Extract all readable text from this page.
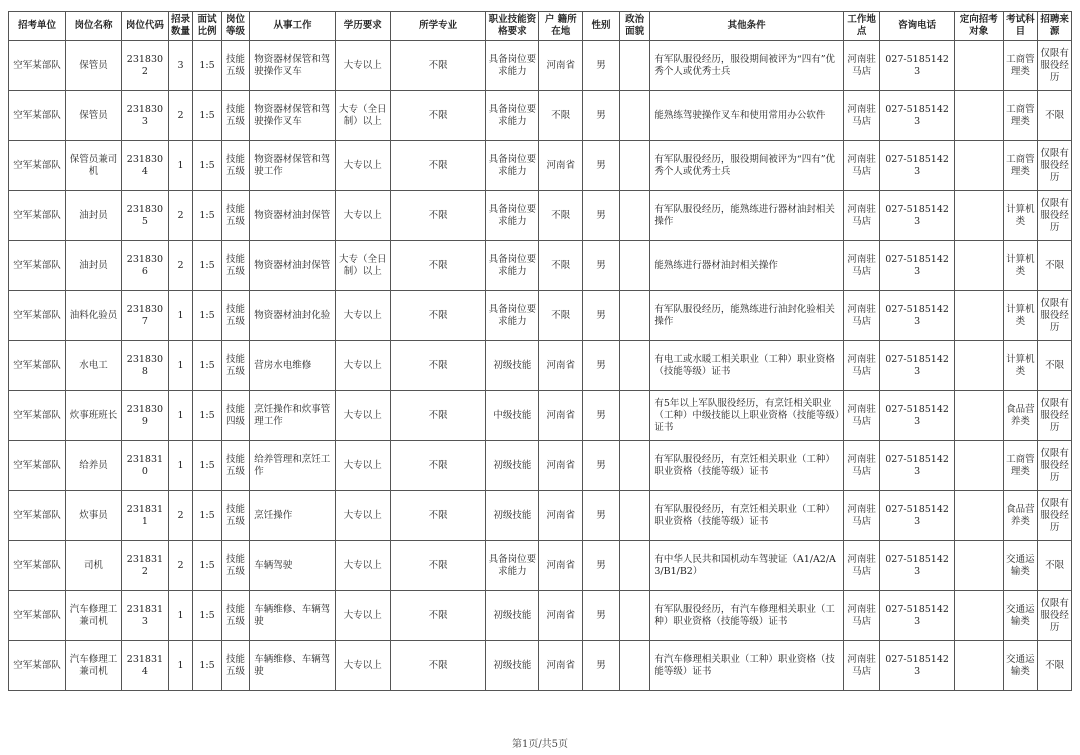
招考单位	岗位名称	岗位代码	招录数量	面试比例	岗位等级	从事工作	学历要求	所学专业	职业技能资格要求	户 籍所在地	性别	政治面貌	其他条件	工作地点	咨询电话	定向招考对象	考试科目	招聘来源
空军某部队	保管员	2318302	3	1:5	技能五级	物资器材保管和驾驶操作叉车	大专以上	不限	具备岗位要求能力	河南省	男		有军队服役经历，服役期间被评为“四有”优秀个人或优秀士兵	河南驻马店	027-51851423		工商管理类	仅限有服役经历
空军某部队	保管员	2318303	2	1:5	技能五级	物资器材保管和驾驶操作叉车	大专（全日制）以上	不限	具备岗位要求能力	不限	男		能熟练驾驶操作叉车和使用常用办公软件	河南驻马店	027-51851423		工商管理类	不限
空军某部队	保管员兼司机	2318304	1	1:5	技能五级	物资器材保管和驾驶工作	大专以上	不限	具备岗位要求能力	河南省	男		有军队服役经历，服役期间被评为“四有”优秀个人或优秀士兵	河南驻马店	027-51851423		工商管理类	仅限有服役经历
空军某部队	油封员	2318305	2	1:5	技能五级	物资器材油封保管	大专以上	不限	具备岗位要求能力	不限	男		有军队服役经历，能熟练进行器材油封相关操作	河南驻马店	027-51851423		计算机类	仅限有服役经历
空军某部队	油封员	2318306	2	1:5	技能五级	物资器材油封保管	大专（全日制）以上	不限	具备岗位要求能力	不限	男		能熟练进行器材油封相关操作	河南驻马店	027-51851423		计算机类	不限
空军某部队	油料化验员	2318307	1	1:5	技能五级	物资器材油封化验	大专以上	不限	具备岗位要求能力	不限	男		有军队服役经历，能熟练进行油封化验相关操作	河南驻马店	027-51851423		计算机类	仅限有服役经历
空军某部队	水电工	2318308	1	1:5	技能五级	营房水电维修	大专以上	不限	初级技能	河南省	男		有电工或水暖工相关职业（工种）职业资格（技能等级）证书	河南驻马店	027-51851423		计算机类	不限
空军某部队	炊事班班长	2318309	1	1:5	技能四级	烹饪操作和炊事管理工作	大专以上	不限	中级技能	河南省	男		有5年以上军队服役经历，有烹饪相关职业（工种）中级技能以上职业资格（技能等级）证书	河南驻马店	027-51851423		食品营养类	仅限有服役经历
空军某部队	给养员	2318310	1	1:5	技能五级	给养管理和烹饪工作	大专以上	不限	初级技能	河南省	男		有军队服役经历，有烹饪相关职业（工种）职业资格（技能等级）证书	河南驻马店	027-51851423		工商管理类	仅限有服役经历
空军某部队	炊事员	2318311	2	1:5	技能五级	烹饪操作	大专以上	不限	初级技能	河南省	男		有军队服役经历，有烹饪相关职业（工种）职业资格（技能等级）证书	河南驻马店	027-51851423		食品营养类	仅限有服役经历
空军某部队	司机	2318312	2	1:5	技能五级	车辆驾驶	大专以上	不限	具备岗位要求能力	河南省	男		有中华人民共和国机动车驾驶证（A1/A2/A3/B1/B2）	河南驻马店	027-51851423		交通运输类	不限
空军某部队	汽车修理工兼司机	2318313	1	1:5	技能五级	车辆维修、车辆驾驶	大专以上	不限	初级技能	河南省	男		有军队服役经历，有汽车修理相关职业（工种）职业资格（技能等级）证书	河南驻马店	027-51851423		交通运输类	仅限有服役经历
空军某部队	汽车修理工兼司机	2318314	1	1:5	技能五级	车辆维修、车辆驾驶	大专以上	不限	初级技能	河南省	男		有汽车修理相关职业（工种）职业资格（技能等级）证书	河南驻马店	027-51851423		交通运输类	不限
第1页/共5页
